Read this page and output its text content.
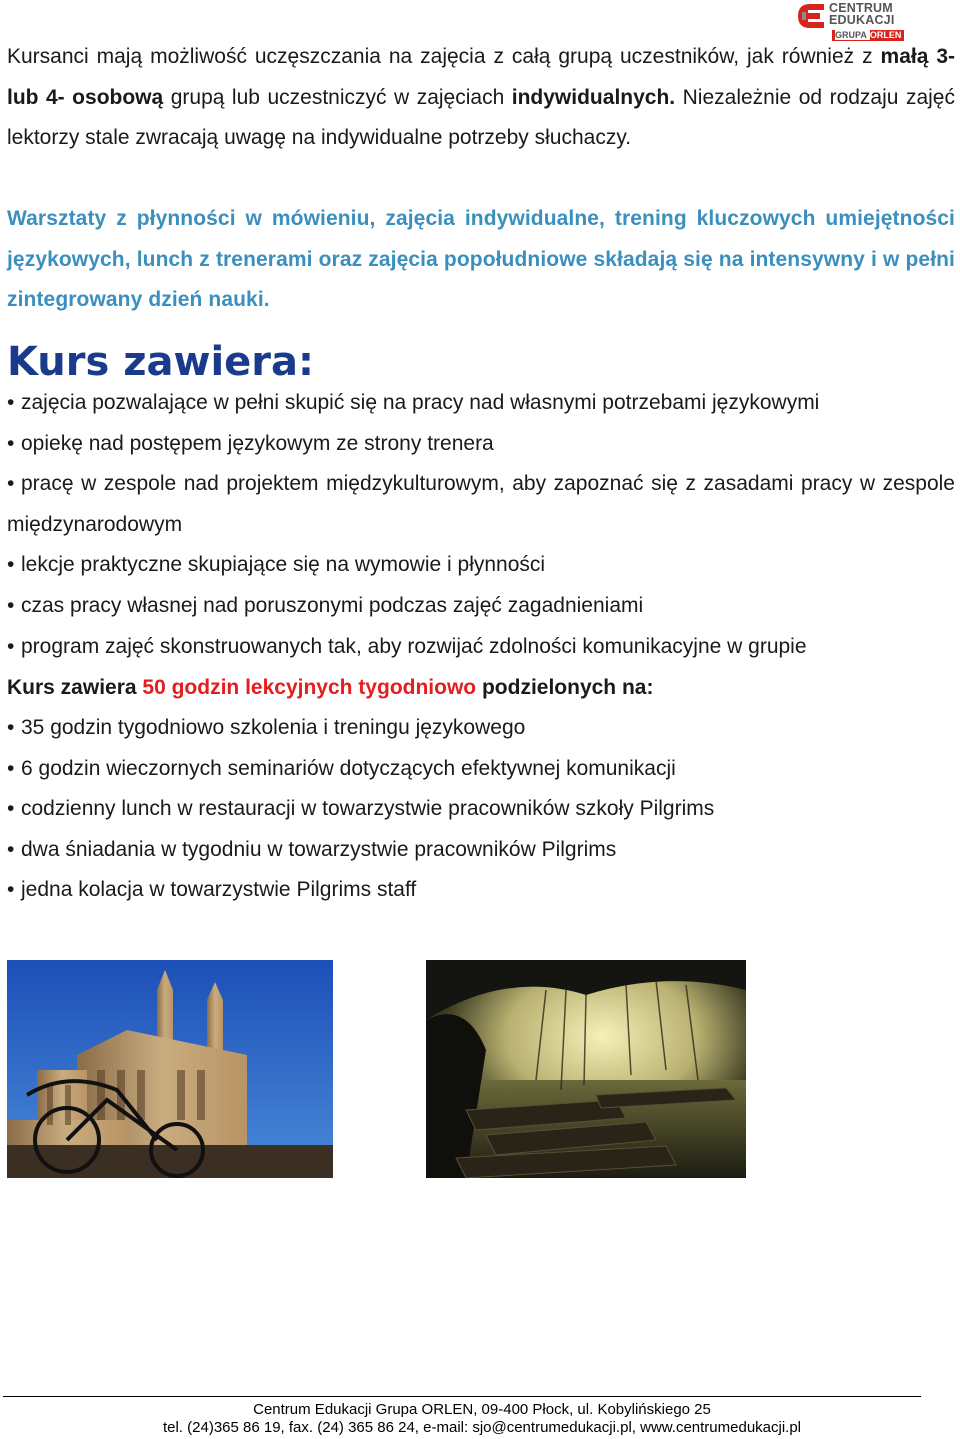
CENTRUM
EDUKACJI
GRUPA ORLEN

Kursanci mają możliwość uczęszczania na zajęcia z całą grupą uczestników, jak również z małą 3- lub 4- osobową grupą lub uczestniczyć w zajęciach indywidualnych. Niezależnie od rodzaju zajęć lektorzy stale zwracają uwagę na indywidualne potrzeby słuchaczy.

Warsztaty z płynności w mówieniu, zajęcia indywidualne, trening kluczowych umiejętności językowych, lunch z trenerami oraz zajęcia popołudniowe składają się na intensywny i w pełni zintegrowany dzień nauki.

Kurs zawiera:
• zajęcia pozwalające w pełni skupić się na pracy nad własnymi potrzebami językowymi
• opiekę nad postępem językowym ze strony trenera
• pracę w zespole nad projektem międzykulturowym, aby zapoznać się z zasadami pracy w zespole międzynarodowym
• lekcje praktyczne skupiające się na wymowie i płynności
• czas pracy własnej nad poruszonymi podczas zajęć zagadnieniami
• program zajęć skonstruowanych tak, aby rozwijać zdolności komunikacyjne w grupie

Kurs zawiera 50 godzin lekcyjnych tygodniowo podzielonych na:

• 35 godzin tygodniowo szkolenia i treningu językowego
• 6 godzin wieczornych seminariów dotyczących efektywnej komunikacji
• codzienny lunch w restauracji w towarzystwie pracowników szkoły Pilgrims
• dwa śniadania w tygodniu w towarzystwie pracowników Pilgrims
• jedna kolacja w towarzystwie Pilgrims staff
Centrum Edukacji Grupa ORLEN, 09-400 Płock, ul. Kobylińskiego 25
tel. (24)365 86 19, fax. (24) 365 86 24, e-mail: sjo@centrumedukacji.pl, www.centrumedukacji.pl
